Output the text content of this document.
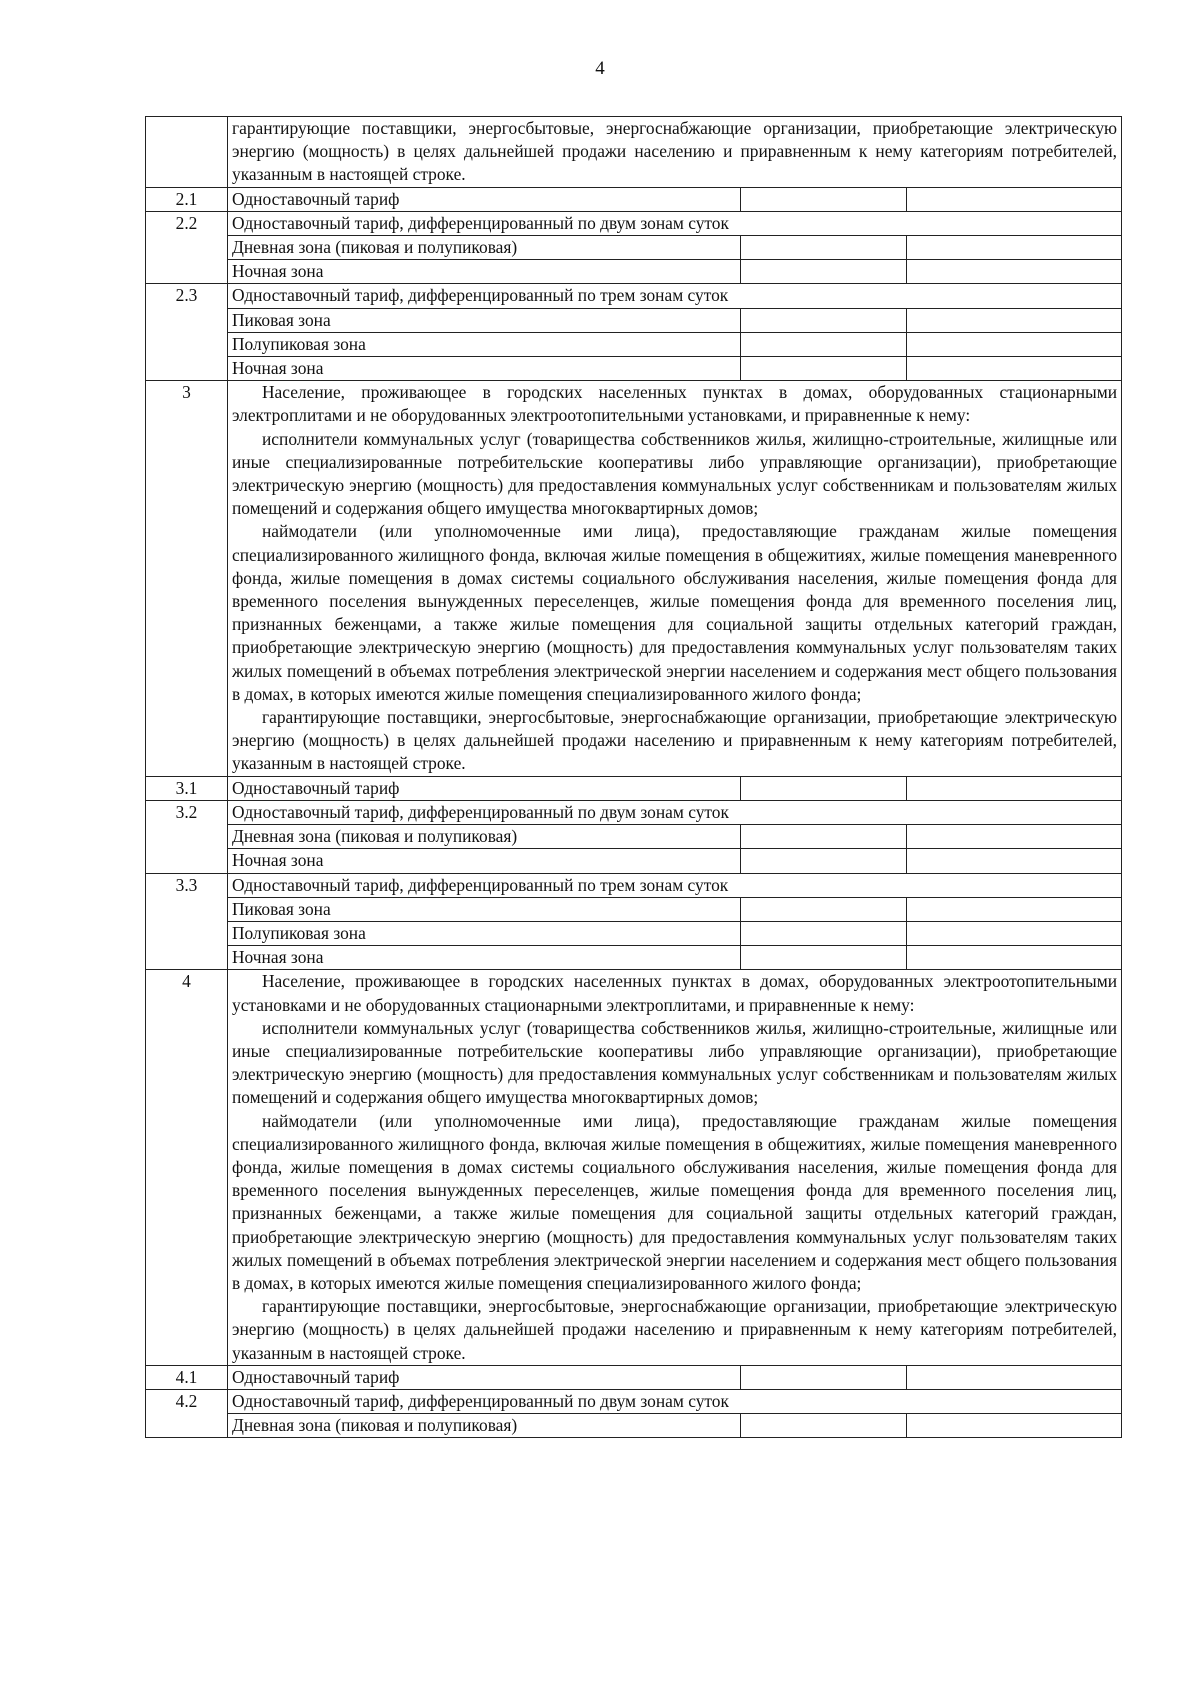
4

	гарантирующие поставщики, энергосбытовые, энергоснабжающие организации, приобретающие электрическую энергию (мощность) в целях дальнейшей продажи населению и приравненным к нему категориям потребителей, указанным в настоящей строке.		

2.1	Одноставочный тариф		
2.2	Одноставочный тариф, дифференцированный по двум зонам суток		
	Дневная зона (пиковая и полупиковая)		
	Ночная зона		
2.3	Одноставочный тариф, дифференцированный по трем зонам суток		
	Пиковая зона		
	Полупиковая зона		
	Ночная зона		
3	Население, проживающее в городских населенных пунктах в домах, оборудованных стационарными электроплитами и не оборудованных электроотопительными установками, и приравненные к нему:

исполнители коммунальных услуг (товарищества собственников жилья, жилищно-строительные, жилищные или иные специализированные потребительские кооперативы либо управляющие организации), приобретающие электрическую энергию (мощность) для предоставления коммунальных услуг собственникам и пользователям жилых помещений и содержания общего имущества многоквартирных домов;

наймодатели (или уполномоченные ими лица), предоставляющие гражданам жилые помещения специализированного жилищного фонда, включая жилые помещения в общежитиях, жилые помещения маневренного фонда, жилые помещения в домах системы социального обслуживания населения, жилые помещения фонда для временного поселения вынужденных переселенцев, жилые помещения фонда для временного поселения лиц, признанных беженцами, а также жилые помещения для социальной защиты отдельных категорий граждан, приобретающие электрическую энергию (мощность) для предоставления коммунальных услуг пользователям таких жилых помещений в объемах потребления электрической энергии населением и содержания мест общего пользования в домах, в которых имеются жилые помещения специализированного жилого фонда;

гарантирующие поставщики, энергосбытовые, энергоснабжающие организации, приобретающие электрическую энергию (мощность) в целях дальнейшей продажи населению и приравненным к нему категориям потребителей, указанным в настоящей строке.		

3.1	Одноставочный тариф		
3.2	Одноставочный тариф, дифференцированный по двум зонам суток		
	Дневная зона (пиковая и полупиковая)		
	Ночная зона		
3.3	Одноставочный тариф, дифференцированный по трем зонам суток		
	Пиковая зона		
	Полупиковая зона		
	Ночная зона		
4	Население, проживающее в городских населенных пунктах в домах, оборудованных электроотопительными установками и не оборудованных стационарными электроплитами, и приравненные к нему:

исполнители коммунальных услуг (товарищества собственников жилья, жилищно-строительные, жилищные или иные специализированные потребительские кооперативы либо управляющие организации), приобретающие электрическую энергию (мощность) для предоставления коммунальных услуг собственникам и пользователям жилых помещений и содержания общего имущества многоквартирных домов;

наймодатели (или уполномоченные ими лица), предоставляющие гражданам жилые помещения специализированного жилищного фонда, включая жилые помещения в общежитиях, жилые помещения маневренного фонда, жилые помещения в домах системы социального обслуживания населения, жилые помещения фонда для временного поселения вынужденных переселенцев, жилые помещения фонда для временного поселения лиц, признанных беженцами, а также жилые помещения для социальной защиты отдельных категорий граждан, приобретающие электрическую энергию (мощность) для предоставления коммунальных услуг пользователям таких жилых помещений в объемах потребления электрической энергии населением и содержания мест общего пользования в домах, в которых имеются жилые помещения специализированного жилого фонда;

гарантирующие поставщики, энергосбытовые, энергоснабжающие организации, приобретающие электрическую энергию (мощность) в целях дальнейшей продажи населению и приравненным к нему категориям потребителей, указанным в настоящей строке.		

4.1	Одноставочный тариф		
4.2	Одноставочный тариф, дифференцированный по двум зонам суток		
	Дневная зона (пиковая и полупиковая)		
